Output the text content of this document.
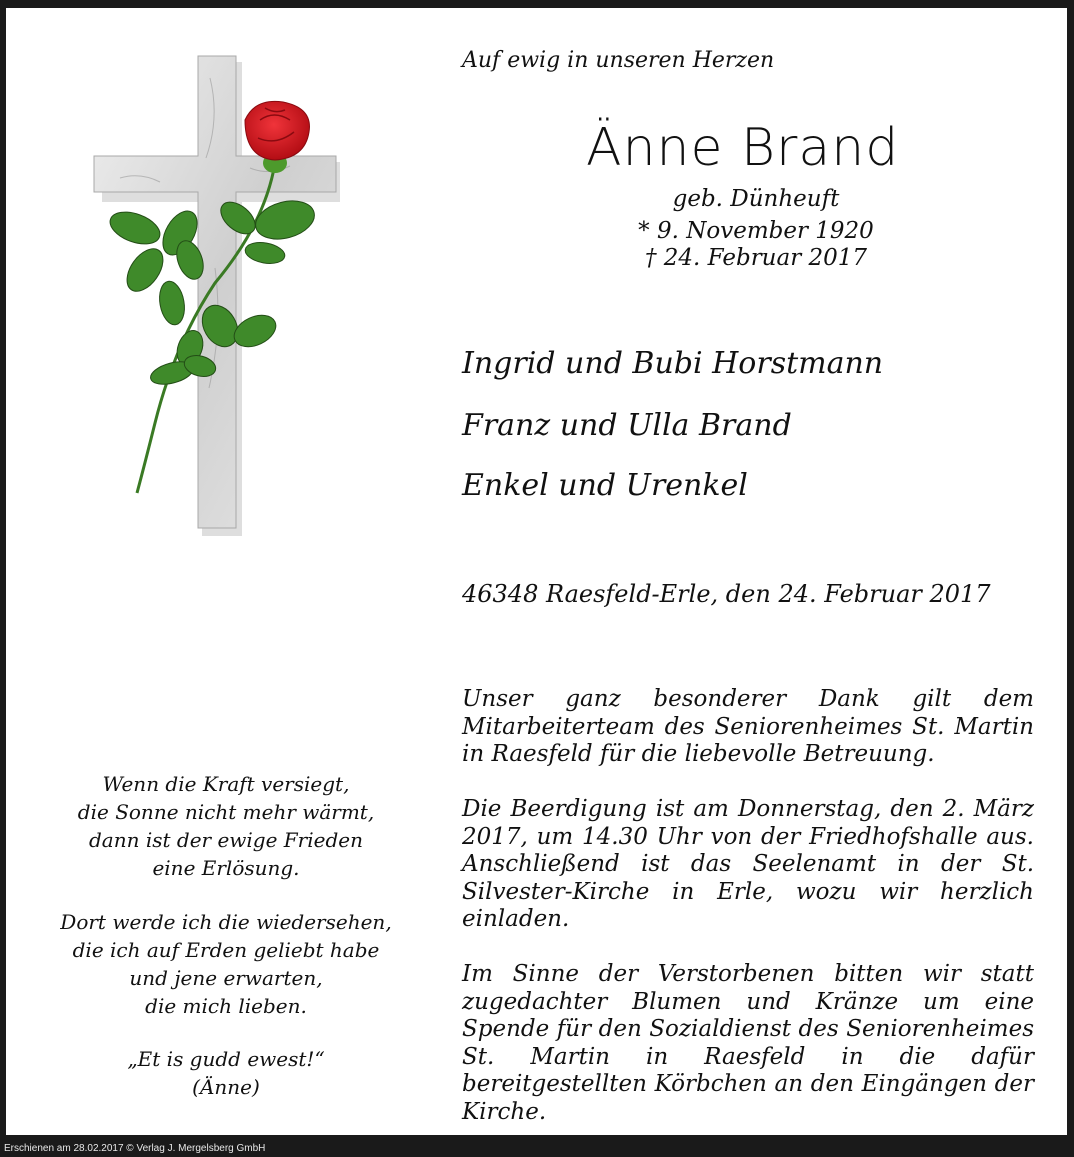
Auf ewig in unseren Herzen
Änne Brand
geb. Dünheuft
* 9. November 1920
† 24. Februar 2017
Ingrid und Bubi Horstmann
Franz und Ulla Brand
Enkel und Urenkel
46348 Raesfeld-Erle, den 24. Februar 2017
Unser ganz besonderer Dank gilt dem Mitarbeiterteam des Seniorenheimes St. Martin in Raesfeld für die liebevolle Betreuung.
Die Beerdigung ist am Donnerstag, den 2. März 2017, um 14.30 Uhr von der Friedhofshalle aus. Anschließend ist das Seelenamt in der St. Silvester-Kirche in Erle, wozu wir herzlich einladen.
Im Sinne der Verstorbenen bitten wir statt zugedachter Blumen und Kränze um eine Spende für den Sozialdienst des Seniorenheimes St. Martin in Raesfeld in die dafür bereitgestellten Körbchen an den Eingängen der Kirche.
Wenn die Kraft versiegt,
die Sonne nicht mehr wärmt,
dann ist der ewige Frieden
eine Erlösung.
Dort werde ich die wiedersehen,
die ich auf Erden geliebt habe
und jene erwarten,
die mich lieben.
„Et is gudd ewest!“
(Änne)
Erschienen am 28.02.2017 © Verlag J. Mergelsberg GmbH
